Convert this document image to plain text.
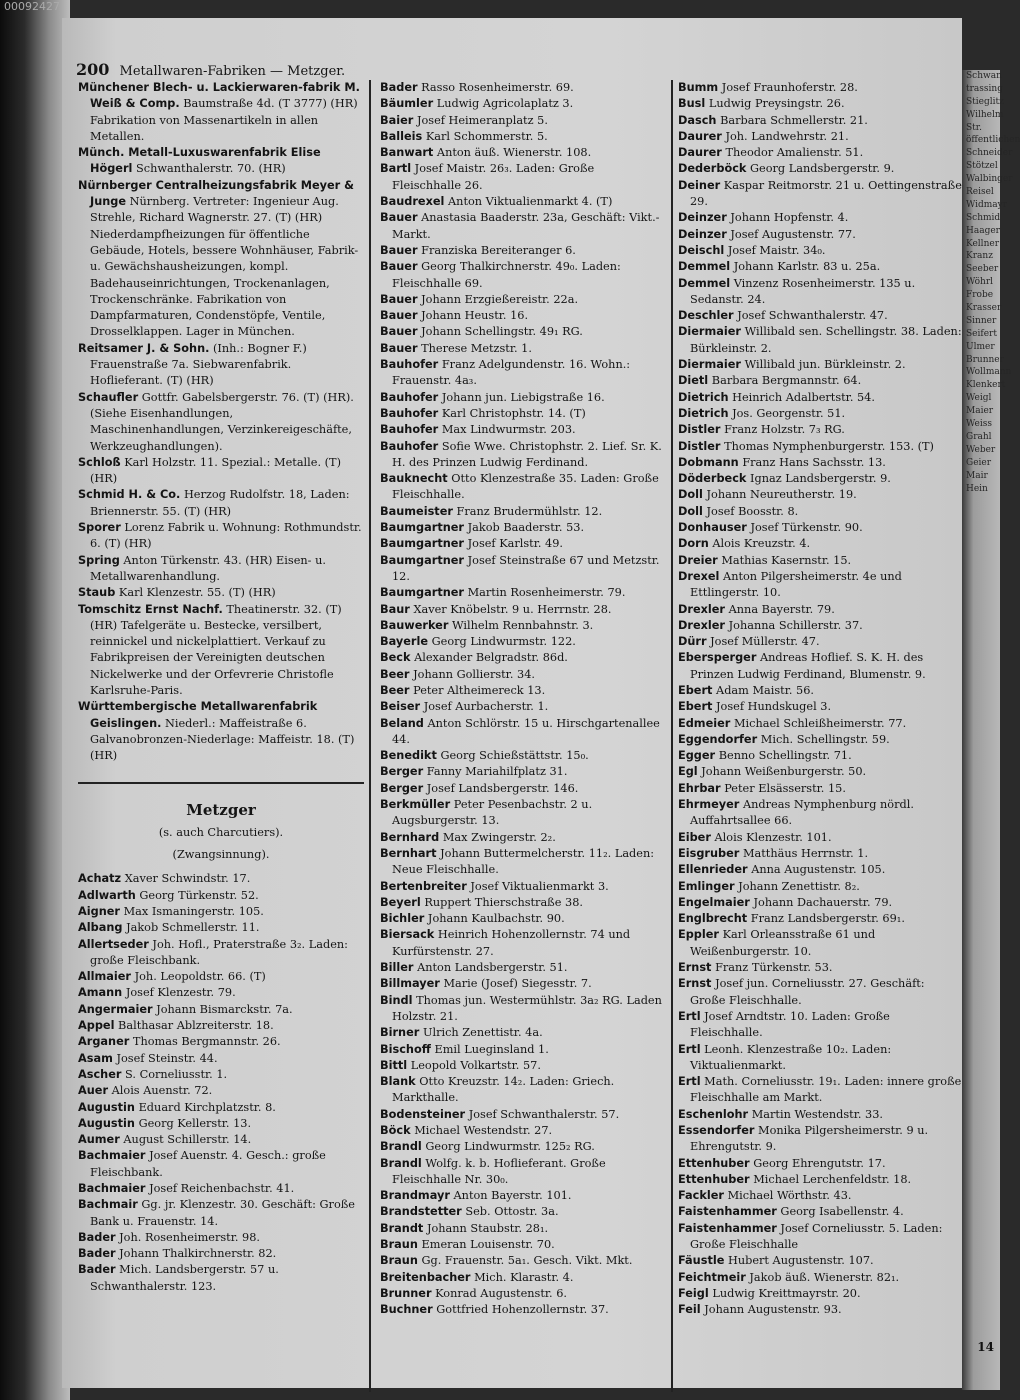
00092427
200 Metallwaren-Fabriken — Metzger.
Münchener Blech- u. Lackierwaren-fabrik M. Weiß & Comp. Baumstraße 4d. (T 3777) (HR) Fabrikation von Massenartikeln in allen Metallen.
Münch. Metall-Luxuswarenfabrik Elise Högerl Schwanthalerstr. 70. (HR)
Nürnberger Centralheizungsfabrik Meyer & Junge Nürnberg. Vertreter: Ingenieur Aug. Strehle, Richard Wagnerstr. 27. (T) (HR) Niederdampfheizungen für öffentliche Gebäude, Hotels, bessere Wohnhäuser, Fabrik- u. Gewächshausheizungen, kompl. Badehauseinrichtungen, Trockenanlagen, Trockenschränke. Fabrikation von Dampfarmaturen, Condenstöpfe, Ventile, Drosselklappen. Lager in München.
Reitsamer J. & Sohn. (Inh.: Bogner F.) Frauenstraße 7a. Siebwarenfabrik. Hoflieferant. (T) (HR)
Schaufler Gottfr. Gabelsbergerstr. 76. (T) (HR). (Siehe Eisenhandlungen, Maschinenhandlungen, Verzinkereigeschäfte, Werkzeughandlungen).
Schloß Karl Holzstr. 11. Spezial.: Metalle. (T) (HR)
Schmid H. & Co. Herzog Rudolfstr. 18, Laden: Briennerstr. 55. (T) (HR)
Sporer Lorenz Fabrik u. Wohnung: Rothmundstr. 6. (T) (HR)
Spring Anton Türkenstr. 43. (HR) Eisen- u. Metallwarenhandlung.
Staub Karl Klenzestr. 55. (T) (HR)
Tomschitz Ernst Nachf. Theatinerstr. 32. (T) (HR) Tafelgeräte u. Bestecke, versilbert, reinnickel und nickelplattiert. Verkauf zu Fabrikpreisen der Vereinigten deutschen Nickelwerke und der Orfevrerie Christofle Karlsruhe-Paris.
Württembergische Metallwarenfabrik Geislingen. Niederl.: Maffeistraße 6. Galvanobronzen-Niederlage: Maffeistr. 18. (T) (HR)
Metzger
(s. auch Charcutiers).
(Zwangsinnung).
Achatz Xaver Schwindstr. 17.
Adlwarth Georg Türkenstr. 52.
Aigner Max Ismaningerstr. 105.
Albang Jakob Schmellerstr. 11.
Allertseder Joh. Hofl., Praterstraße 3₂. Laden: große Fleischbank.
Allmaier Joh. Leopoldstr. 66. (T)
Amann Josef Klenzestr. 79.
Angermaier Johann Bismarckstr. 7a.
Appel Balthasar Ablzreiterstr. 18.
Arganer Thomas Bergmannstr. 26.
Asam Josef Steinstr. 44.
Ascher S. Corneliusstr. 1.
Auer Alois Auenstr. 72.
Augustin Eduard Kirchplatzstr. 8.
Augustin Georg Kellerstr. 13.
Aumer August Schillerstr. 14.
Bachmaier Josef Auenstr. 4. Gesch.: große Fleischbank.
Bachmaier Josef Reichenbachstr. 41.
Bachmair Gg. jr. Klenzestr. 30. Geschäft: Große Bank u. Frauenstr. 14.
Bader Joh. Rosenheimerstr. 98.
Bader Johann Thalkirchnerstr. 82.
Bader Mich. Landsbergerstr. 57 u. Schwanthalerstr. 123.
Bader Rasso Rosenheimerstr. 69.
Bäumler Ludwig Agricolaplatz 3.
Baier Josef Heimeranplatz 5.
Balleis Karl Schommerstr. 5.
Banwart Anton äuß. Wienerstr. 108.
Bartl Josef Maistr. 26₃. Laden: Große Fleischhalle 26.
Baudrexel Anton Viktualienmarkt 4. (T)
Bauer Anastasia Baaderstr. 23a, Geschäft: Vikt.-Markt.
Bauer Franziska Bereiteranger 6.
Bauer Georg Thalkirchnerstr. 49₀. Laden: Fleischhalle 69.
Bauer Johann Erzgießereistr. 22a.
Bauer Johann Heustr. 16.
Bauer Johann Schellingstr. 49₁ RG.
Bauer Therese Metzstr. 1.
Bauhofer Franz Adelgundenstr. 16. Wohn.: Frauenstr. 4a₃.
Bauhofer Johann jun. Liebigstraße 16.
Bauhofer Karl Christophstr. 14. (T)
Bauhofer Max Lindwurmstr. 203.
Bauhofer Sofie Wwe. Christophstr. 2. Lief. Sr. K. H. des Prinzen Ludwig Ferdinand.
Bauknecht Otto Klenzestraße 35. Laden: Große Fleischhalle.
Baumeister Franz Brudermühlstr. 12.
Baumgartner Jakob Baaderstr. 53.
Baumgartner Josef Karlstr. 49.
Baumgartner Josef Steinstraße 67 und Metzstr. 12.
Baumgartner Martin Rosenheimerstr. 79.
Baur Xaver Knöbelstr. 9 u. Herrnstr. 28.
Bauwerker Wilhelm Rennbahnstr. 3.
Bayerle Georg Lindwurmstr. 122.
Beck Alexander Belgradstr. 86d.
Beer Johann Gollierstr. 34.
Beer Peter Altheimereck 13.
Beiser Josef Aurbacherstr. 1.
Beland Anton Schlörstr. 15 u. Hirschgartenallee 44.
Benedikt Georg Schießstättstr. 15₀.
Berger Fanny Mariahilfplatz 31.
Berger Josef Landsbergerstr. 146.
Berkmüller Peter Pesenbachstr. 2 u. Augsburgerstr. 13.
Bernhard Max Zwingerstr. 2₂.
Bernhart Johann Buttermelcherstr. 11₂. Laden: Neue Fleischhalle.
Bertenbreiter Josef Viktualienmarkt 3.
Beyerl Ruppert Thierschstraße 38.
Bichler Johann Kaulbachstr. 90.
Biersack Heinrich Hohenzollernstr. 74 und Kurfürstenstr. 27.
Biller Anton Landsbergerstr. 51.
Billmayer Marie (Josef) Siegesstr. 7.
Bindl Thomas jun. Westermühlstr. 3a₂ RG. Laden Holzstr. 21.
Birner Ulrich Zenettistr. 4a.
Bischoff Emil Lueginsland 1.
Bittl Leopold Volkartstr. 57.
Blank Otto Kreuzstr. 14₂. Laden: Griech. Markthalle.
Bodensteiner Josef Schwanthalerstr. 57.
Böck Michael Westendstr. 27.
Brandl Georg Lindwurmstr. 125₂ RG.
Brandl Wolfg. k. b. Hoflieferant. Große Fleischhalle Nr. 30₀.
Brandmayr Anton Bayerstr. 101.
Brandstetter Seb. Ottostr. 3a.
Brandt Johann Staubstr. 28₁.
Braun Emeran Louisenstr. 70.
Braun Gg. Frauenstr. 5a₁. Gesch. Vikt. Mkt.
Breitenbacher Mich. Klarastr. 4.
Brunner Konrad Augustenstr. 6.
Buchner Gottfried Hohenzollernstr. 37.
Bumm Josef Fraunhoferstr. 28.
Busl Ludwig Preysingstr. 26.
Dasch Barbara Schmellerstr. 21.
Daurer Joh. Landwehrstr. 21.
Daurer Theodor Amalienstr. 51.
Dederböck Georg Landsbergerstr. 9.
Deiner Kaspar Reitmorstr. 21 u. Oettingenstraße 29.
Deinzer Johann Hopfenstr. 4.
Deinzer Josef Augustenstr. 77.
Deischl Josef Maistr. 34₀.
Demmel Johann Karlstr. 83 u. 25a.
Demmel Vinzenz Rosenheimerstr. 135 u. Sedanstr. 24.
Deschler Josef Schwanthalerstr. 47.
Diermaier Willibald sen. Schellingstr. 38. Laden: Bürkleinstr. 2.
Diermaier Willibald jun. Bürkleinstr. 2.
Dietl Barbara Bergmannstr. 64.
Dietrich Heinrich Adalbertstr. 54.
Dietrich Jos. Georgenstr. 51.
Distler Franz Holzstr. 7₃ RG.
Distler Thomas Nymphenburgerstr. 153. (T)
Dobmann Franz Hans Sachsstr. 13.
Döderbeck Ignaz Landsbergerstr. 9.
Doll Johann Neureutherstr. 19.
Doll Josef Boosstr. 8.
Donhauser Josef Türkenstr. 90.
Dorn Alois Kreuzstr. 4.
Dreier Mathias Kasernstr. 15.
Drexel Anton Pilgersheimerstr. 4e und Ettlingerstr. 10.
Drexler Anna Bayerstr. 79.
Drexler Johanna Schillerstr. 37.
Dürr Josef Müllerstr. 47.
Ebersperger Andreas Hoflief. S. K. H. des Prinzen Ludwig Ferdinand, Blumenstr. 9.
Ebert Adam Maistr. 56.
Ebert Josef Hundskugel 3.
Edmeier Michael Schleißheimerstr. 77.
Eggendorfer Mich. Schellingstr. 59.
Egger Benno Schellingstr. 71.
Egl Johann Weißenburgerstr. 50.
Ehrbar Peter Elsässerstr. 15.
Ehrmeyer Andreas Nymphenburg nördl. Auffahrtsallee 66.
Eiber Alois Klenzestr. 101.
Eisgruber Matthäus Herrnstr. 1.
Ellenrieder Anna Augustenstr. 105.
Emlinger Johann Zenettistr. 8₂.
Engelmaier Johann Dachauerstr. 79.
Englbrecht Franz Landsbergerstr. 69₁.
Eppler Karl Orleansstraße 61 und Weißenburgerstr. 10.
Ernst Franz Türkenstr. 53.
Ernst Josef jun. Corneliusstr. 27. Geschäft: Große Fleischhalle.
Ertl Josef Arndtstr. 10. Laden: Große Fleischhalle.
Ertl Leonh. Klenzestraße 10₂. Laden: Viktualienmarkt.
Ertl Math. Corneliusstr. 19₁. Laden: innere große Fleischhalle am Markt.
Eschenlohr Martin Westendstr. 33.
Essendorfer Monika Pilgersheimerstr. 9 u. Ehrengutstr. 9.
Ettenhuber Georg Ehrengutstr. 17.
Ettenhuber Michael Lerchenfeldstr. 18.
Fackler Michael Wörthstr. 43.
Faistenhammer Georg Isabellenstr. 4.
Faistenhammer Josef Corneliusstr. 5. Laden: Große Fleischhalle
Fäustle Hubert Augustenstr. 107.
Feichtmeir Jakob äuß. Wienerstr. 82₁.
Feigl Ludwig Kreittmayrstr. 20.
Feil Johann Augustenstr. 93.
14
Schwan
trassing
Stieglitz
Wilhelm
Str.
öffentlichen
Schneider
Stötzel
Walbinger
Reisel
Widmayr
Schmid
Haager
Kellner
Kranz
Seeber
Wöhrl
Frobe
Krasser
Sinner
Seifert
Ulmer
Brunner
Wollmann
Klenkert
Weigl
Maier
Weiss
Grahl
Weber
Geier
Mair
Hein
